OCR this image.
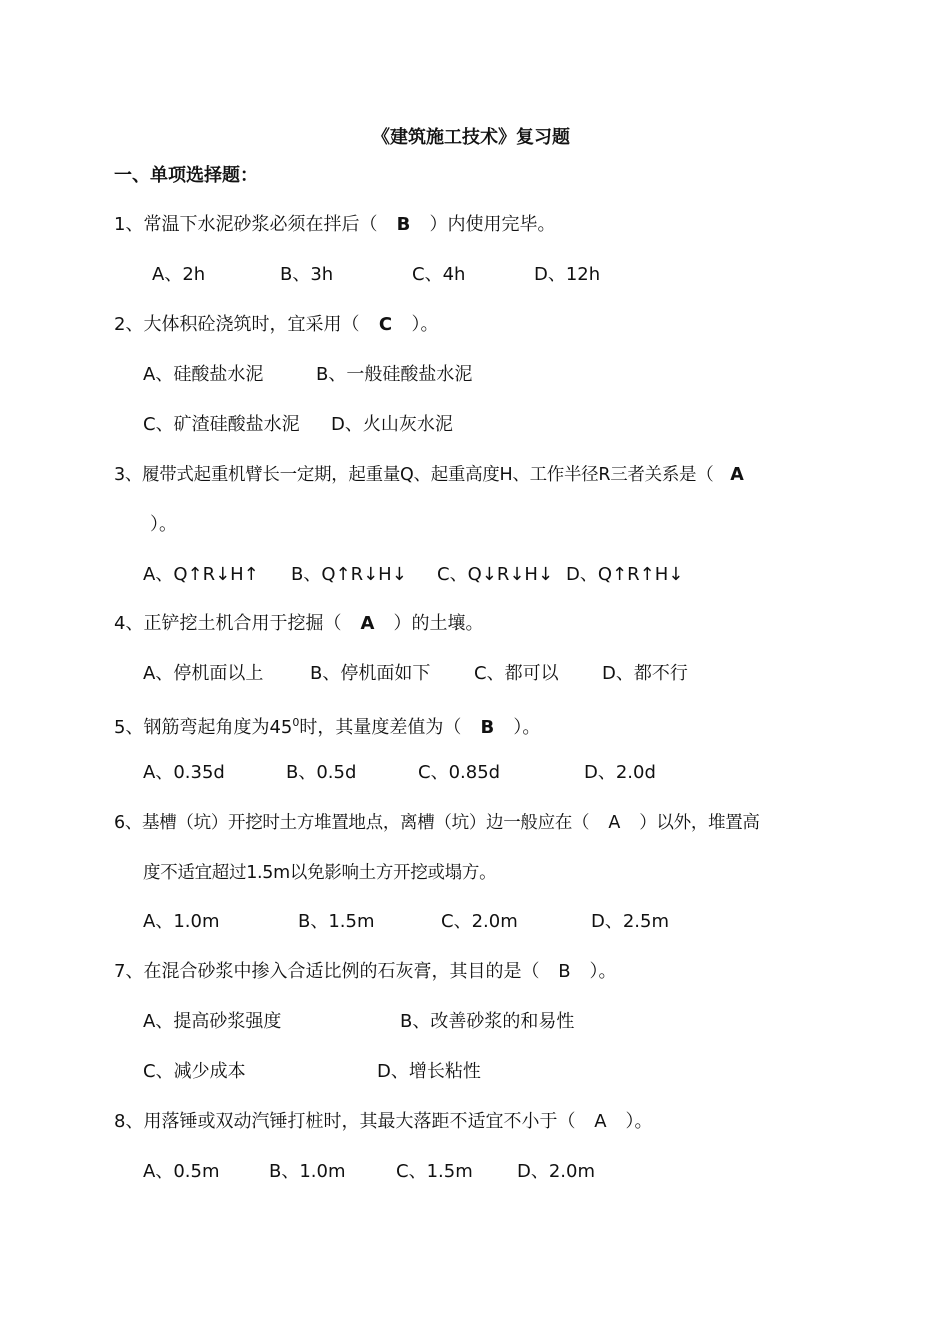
《建筑施工技术》复习题
一、单项选择题：
1、常温下水泥砂浆必须在拌后（ B ）内使用完毕。
A、2h	B、3h	C、4h	D、12h
2、大体积砼浇筑时，宜采用（ C ）。
A、硅酸盐水泥	B、一般硅酸盐水泥
C、矿渣硅酸盐水泥 D、火山灰水泥
3、履带式起重机臂长一定期，起重量Q、起重高度H、工作半径R三者关系是（ A
）。
A、Q↑R↓H↑ B、Q↑R↓H↓ C、Q↓R↓H↓ D、Q↑R↑H↓
4、正铲挖土机合用于挖掘（ A ）的土壤。
A、停机面以上	B、停机面如下 C、都可以 D、都不行
5、钢筋弯起角度为$45^0$时，其量度差值为（ B ）。
A、0.35d	B、0.5d	C、0.85d	D、2.0d
6、基槽（坑）开挖时土方堆置地点，离槽（坑）边一般应在（ A ）以外，堆置高
度不适宜超过1.5m以免影响土方开挖或塌方。
A、1.0m	B、1.5m	C、2.0m	D、2.5m
7、在混合砂浆中掺入合适比例的石灰膏，其目的是（ B ）。
A、提高砂浆强度	B、改善砂浆的和易性
C、减少成本	D、增长粘性
8、用落锤或双动汽锤打桩时，其最大落距不适宜不小于（ A ）。
A、0.5m	B、1.0m	C、1.5m D、2.0m
